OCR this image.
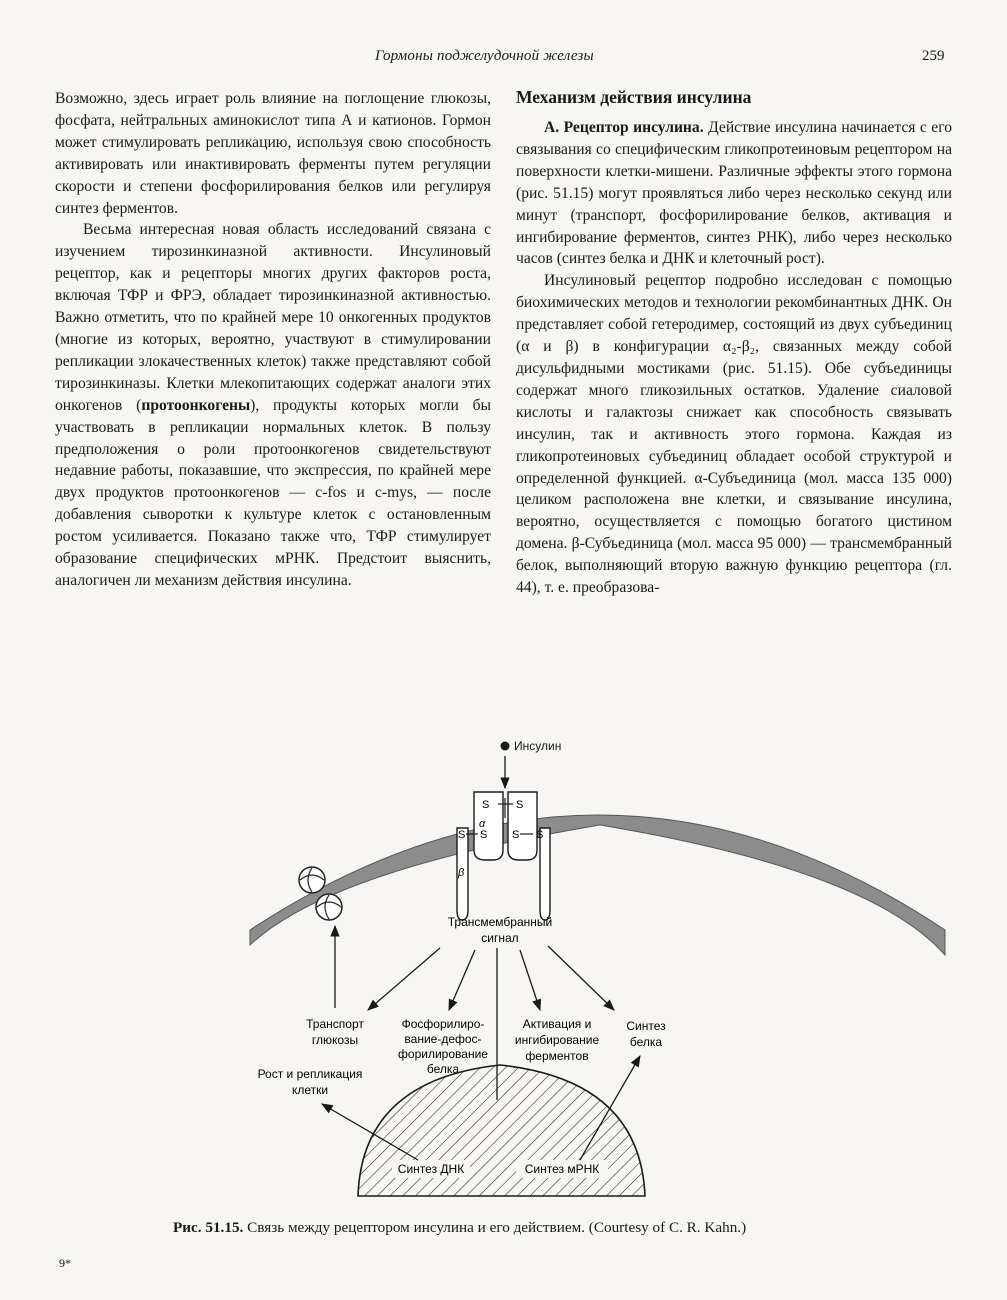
Гормоны поджелудочной железы	259

Возможно, здесь играет роль влияние на поглощение глюкозы, фосфата, нейтральных аминокислот типа А и катионов. Гормон может стимулировать репликацию, используя свою способность активировать или инактивировать ферменты путем регуляции скорости и степени фосфорилирования белков или регулируя синтез ферментов.

Весьма интересная новая область исследований связана с изучением тирозинкиназной активности. Инсулиновый рецептор, как и рецепторы многих других факторов роста, включая ТФР и ФРЭ, обладает тирозинкиназной активностью. Важно отметить, что по крайней мере 10 онкогенных продуктов (многие из которых, вероятно, участвуют в стимулировании репликации злокачественных клеток) также представляют собой тирозинкиназы. Клетки млекопитающих содержат аналоги этих онкогенов (протоонкогены), продукты которых могли бы участвовать в репликации нормальных клеток. В пользу предположения о роли протоонкогенов свидетельствуют недавние работы, показавшие, что экспрессия, по крайней мере двух продуктов протоонкогенов — c-fos и c-mys, — после добавления сыворотки к культуре клеток с остановленным ростом усиливается. Показано также что, ТФР стимулирует образование специфических мРНК. Предстоит выяснить, аналогичен ли механизм действия инсулина.

Механизм действия инсулина

А. Рецептор инсулина. Действие инсулина начинается с его связывания со специфическим гликопротеиновым рецептором на поверхности клетки-мишени. Различные эффекты этого гормона (рис. 51.15) могут проявляться либо через несколько секунд или минут (транспорт, фосфорилирование белков, активация и ингибирование ферментов, синтез РНК), либо через несколько часов (синтез белка и ДНК и клеточный рост).

Инсулиновый рецептор подробно исследован с помощью биохимических методов и технологии рекомбинантных ДНК. Он представляет собой гетеродимер, состоящий из двух субъединиц (α и β) в конфигурации α₂-β₂, связанных между собой дисульфидными мостиками (рис. 51.15). Обе субъединицы содержат много гликозильных остатков. Удаление сиаловой кислоты и галактозы снижает как способность связывать инсулин, так и активность этого гормона. Каждая из гликопротеиновых субъединиц обладает особой структурой и определенной функцией. α-Субъединица (мол. масса 135 000) целиком расположена вне клетки, и связывание инсулина, вероятно, осуществляется с помощью богатого цистином домена. β-Субъединица (мол. масса 95 000) — трансмембранный белок, выполняющий вторую важную функцию рецептора (гл. 44), т. е. преобразова-

Инсулин
S S
α
S S S S
β
Трансмембранный
сигнал
Транспорт
глюкозы
Фосфорилиро-
вание-дефос-
форилирование
белка
Активация и
ингибирование
ферментов
Синтез
белка
Рост и репликация
клетки
Синтез ДНК	Синтез мРНК
Рис. 51.15. Связь между рецептором инсулина и его действием. (Courtesy of C. R. Kahn.)
9*
